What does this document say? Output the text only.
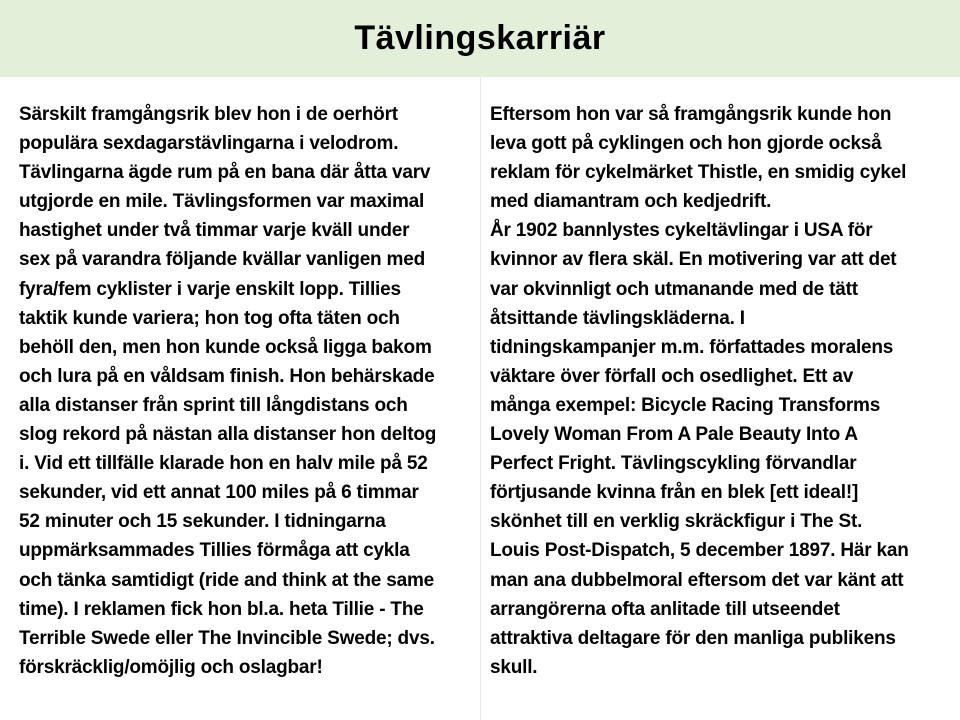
Tävlingskarriär

Särskilt framgångsrik blev hon i de oerhört

populära sexdagarstävlingarna i velodrom.

Tävlingarna ägde rum på en bana där åtta varv

utgjorde en mile. Tävlingsformen var maximal

hastighet under två timmar varje kväll under

sex på varandra följande kvällar vanligen med

fyra/fem cyklister i varje enskilt lopp. Tillies

taktik kunde variera; hon tog ofta täten och

behöll den, men hon kunde också ligga bakom

och lura på en våldsam finish. Hon behärskade

alla distanser från sprint till långdistans och

slog rekord på nästan alla distanser hon deltog

i. Vid ett tillfälle klarade hon en halv mile på 52

sekunder, vid ett annat 100 miles på 6 timmar

52 minuter och 15 sekunder. I tidningarna

uppmärksammades Tillies förmåga att cykla

och tänka samtidigt (ride and think at the same

time). I reklamen fick hon bl.a. heta Tillie - The

Terrible Swede eller The Invincible Swede; dvs.

förskräcklig/omöjlig och oslagbar!

Eftersom hon var så framgångsrik kunde hon

leva gott på cyklingen och hon gjorde också

reklam för cykelmärket Thistle, en smidig cykel

med diamantram och kedjedrift.

År 1902 bannlystes cykeltävlingar i USA för

kvinnor av flera skäl. En motivering var att det

var okvinnligt och utmanande med de tätt

åtsittande tävlingskläderna. I

tidningskampanjer m.m. författades moralens

väktare över förfall och osedlighet. Ett av

många exempel: Bicycle Racing Transforms

Lovely Woman From A Pale Beauty Into A

Perfect Fright. Tävlingscykling förvandlar

förtjusande kvinna från en blek [ett ideal!]

skönhet till en verklig skräckfigur i The St.

Louis Post-Dispatch, 5 december 1897. Här kan

man ana dubbelmoral eftersom det var känt att

arrangörerna ofta anlitade till utseendet

attraktiva deltagare för den manliga publikens

skull.
